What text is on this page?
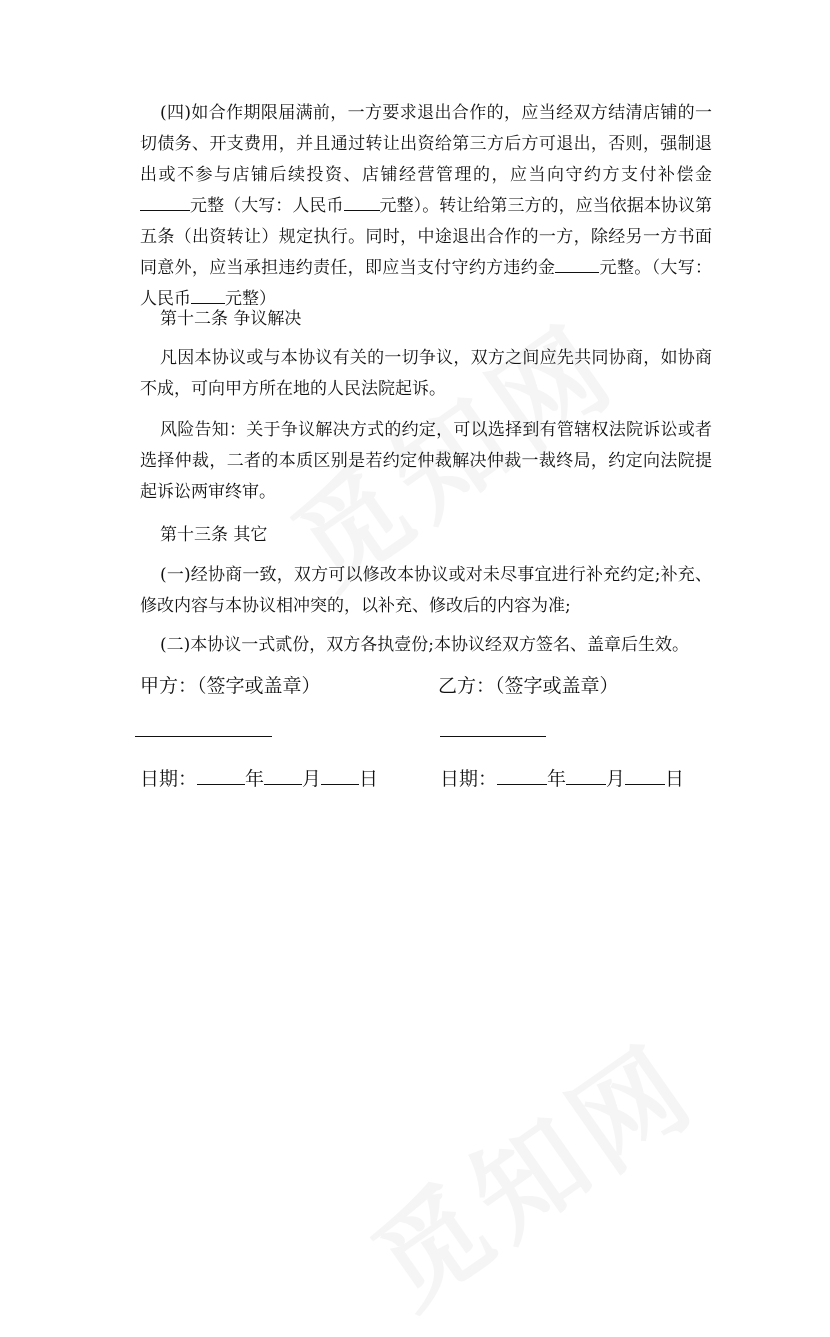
(四)如合作期限届满前，一方要求退出合作的，应当经双方结清店铺的一切债务、开支费用，并且通过转让出资给第三方后方可退出，否则，强制退出或不参与店铺后续投资、店铺经营管理的，应当向守约方支付补偿金元整（大写：人民币 元整）。转让给第三方的，应当依据本协议第五条（出资转让）规定执行。同时，中途退出合作的一方，除经另一方书面同意外，应当承担违约责任，即应当支付守约方违约金	元整。（大写：人民币 元整）

第十二条 争议解决

凡因本协议或与本协议有关的一切争议，双方之间应先共同协商，如协商不成，可向甲方所在地的人民法院起诉。

风险告知：关于争议解决方式的约定，可以选择到有管辖权法院诉讼或者选择仲裁，二者的本质区别是若约定仲裁解决仲裁一裁终局，约定向法院提起诉讼两审终审。

第十三条 其它

(一)经协商一致，双方可以修改本协议或对未尽事宜进行补充约定;补充、修改内容与本协议相冲突的，以补充、修改后的内容为准;

(二)本协议一式贰份，双方各执壹份;本协议经双方签名、盖章后生效。

甲方：（签字或盖章）	乙方：（签字或盖章）
日期：	年 月 日	日期：	年 月 日
